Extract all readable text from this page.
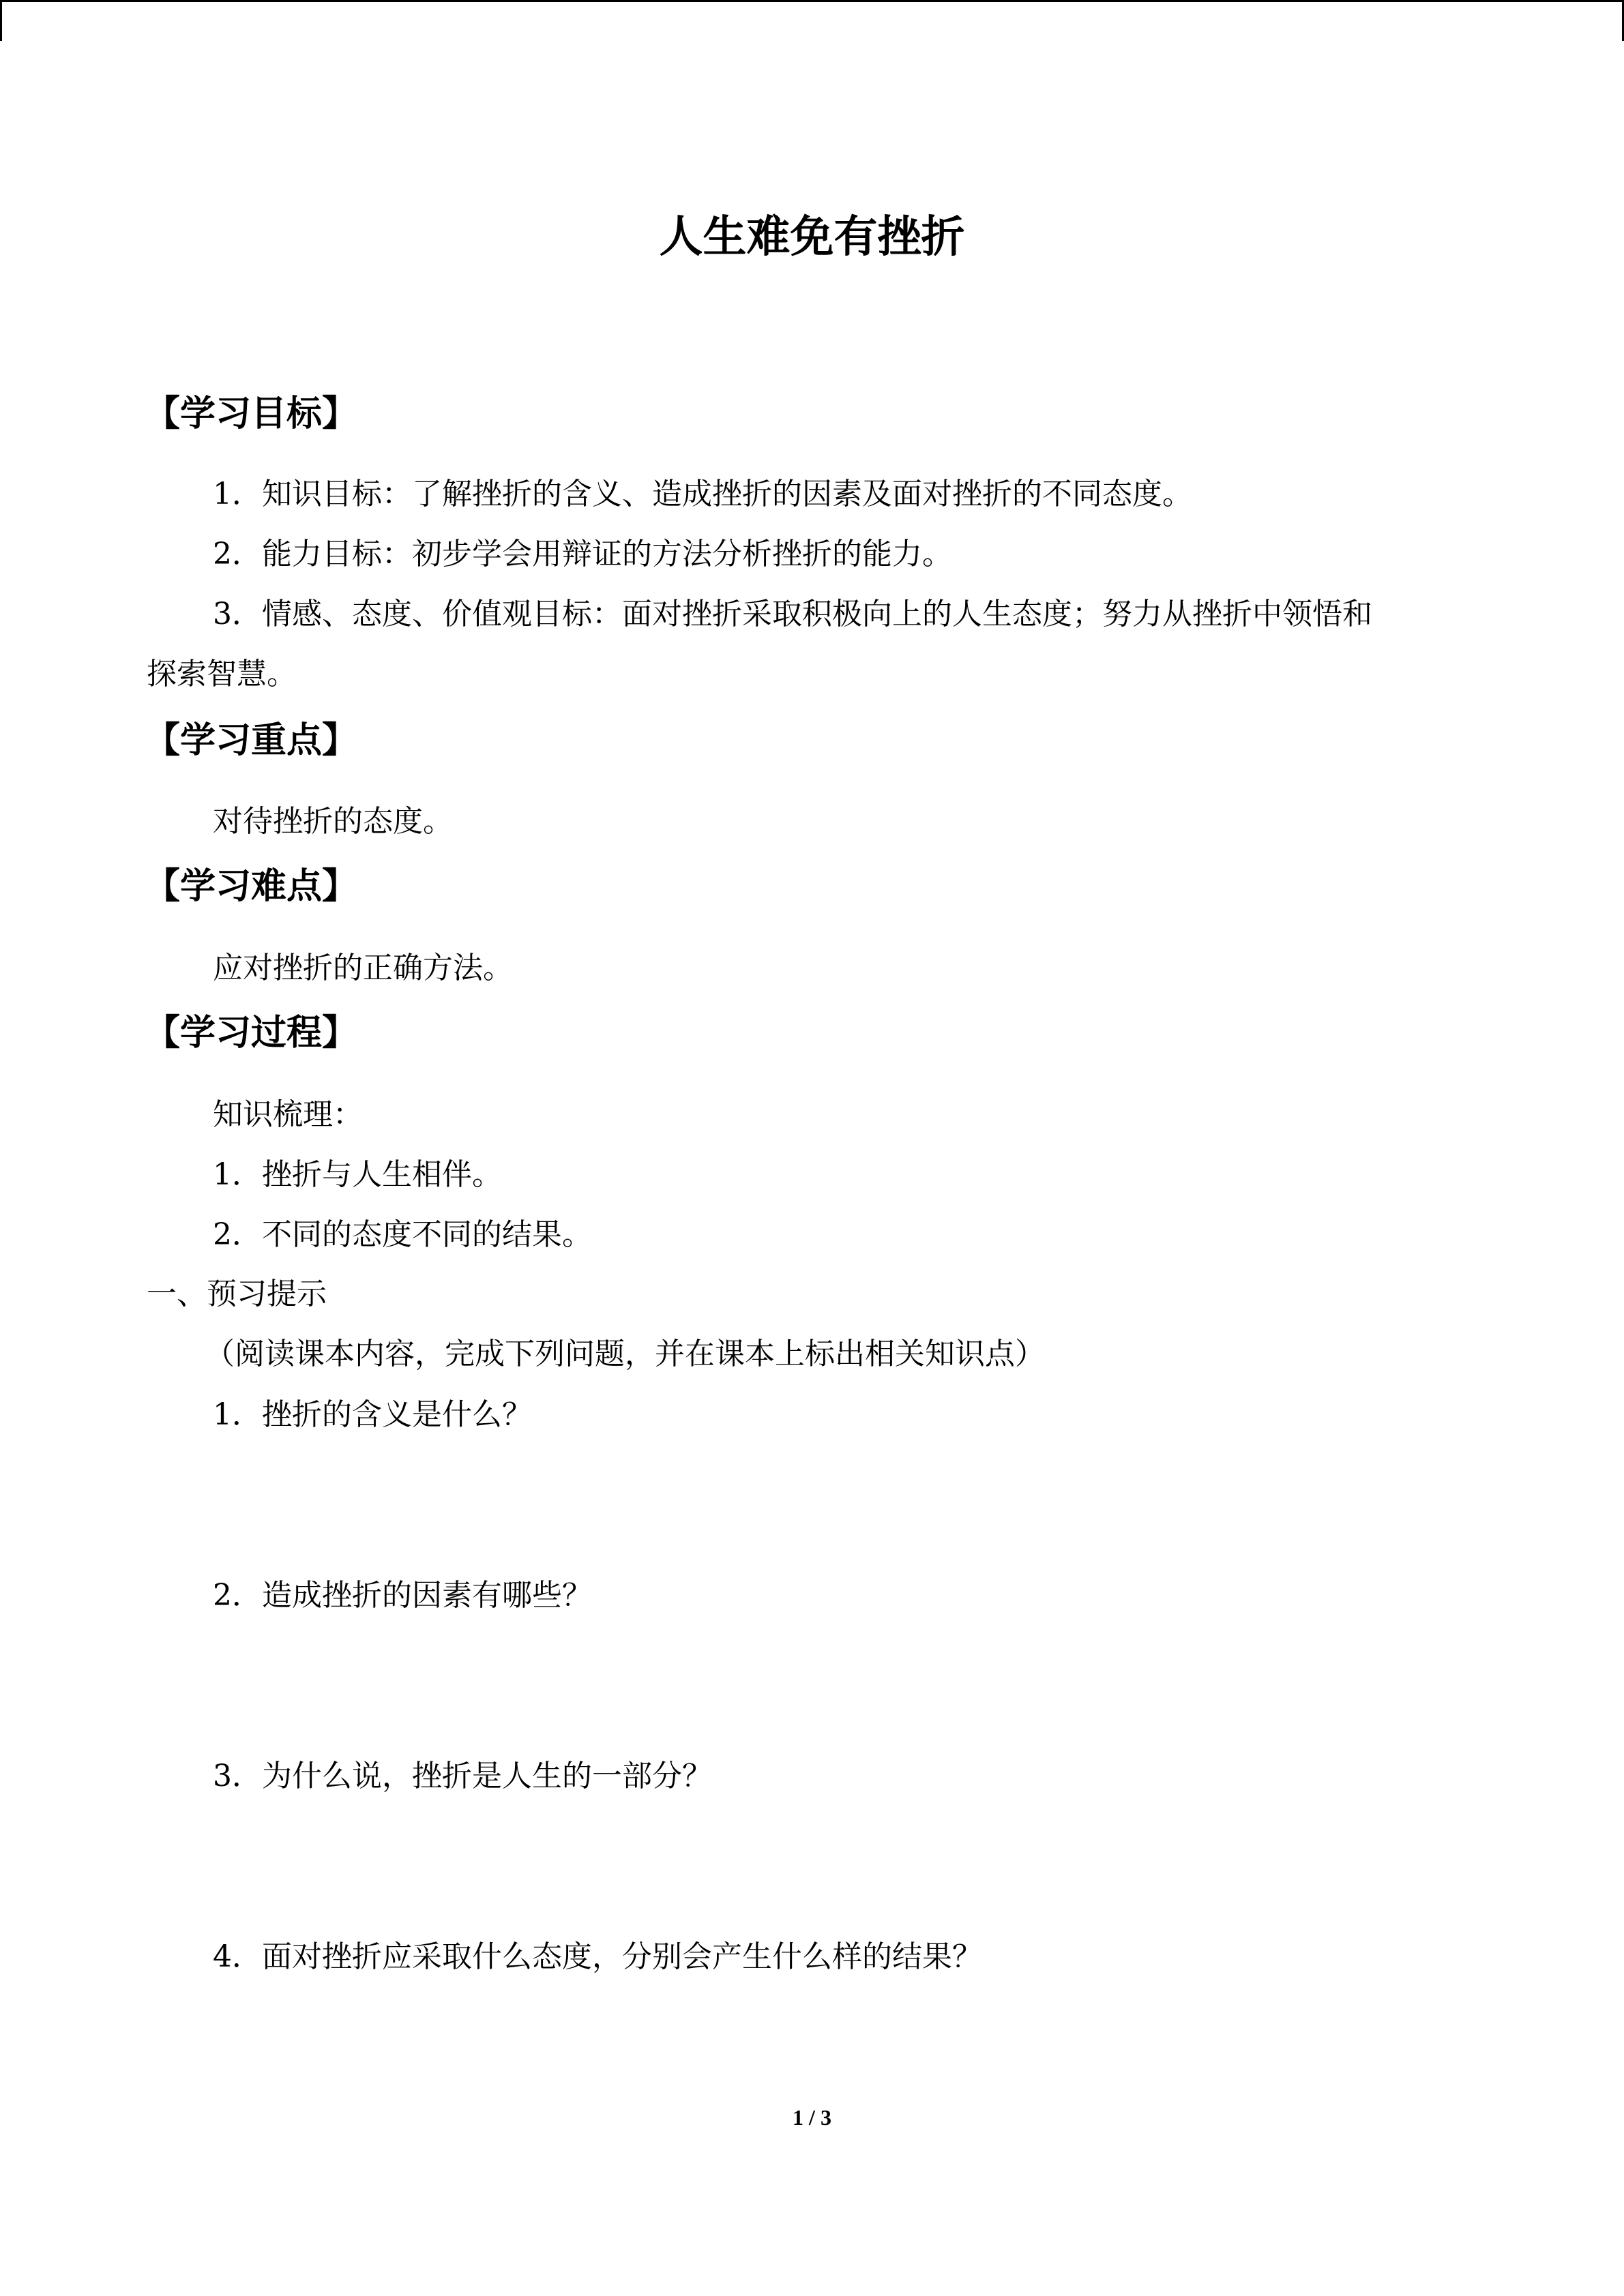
人生难免有挫折
【学习目标】
1．知识目标：了解挫折的含义、造成挫折的因素及面对挫折的不同态度。
2．能力目标：初步学会用辩证的方法分析挫折的能力。
3．情感、态度、价值观目标：面对挫折采取积极向上的人生态度；努力从挫折中领悟和
探索智慧。
【学习重点】
对待挫折的态度。
【学习难点】
应对挫折的正确方法。
【学习过程】
知识梳理：
1．挫折与人生相伴。
2．不同的态度不同的结果。
一、预习提示
（阅读课本内容，完成下列问题，并在课本上标出相关知识点）
1．挫折的含义是什么？
2．造成挫折的因素有哪些？
3．为什么说，挫折是人生的一部分？
4．面对挫折应采取什么态度，分别会产生什么样的结果？
1 / 3
